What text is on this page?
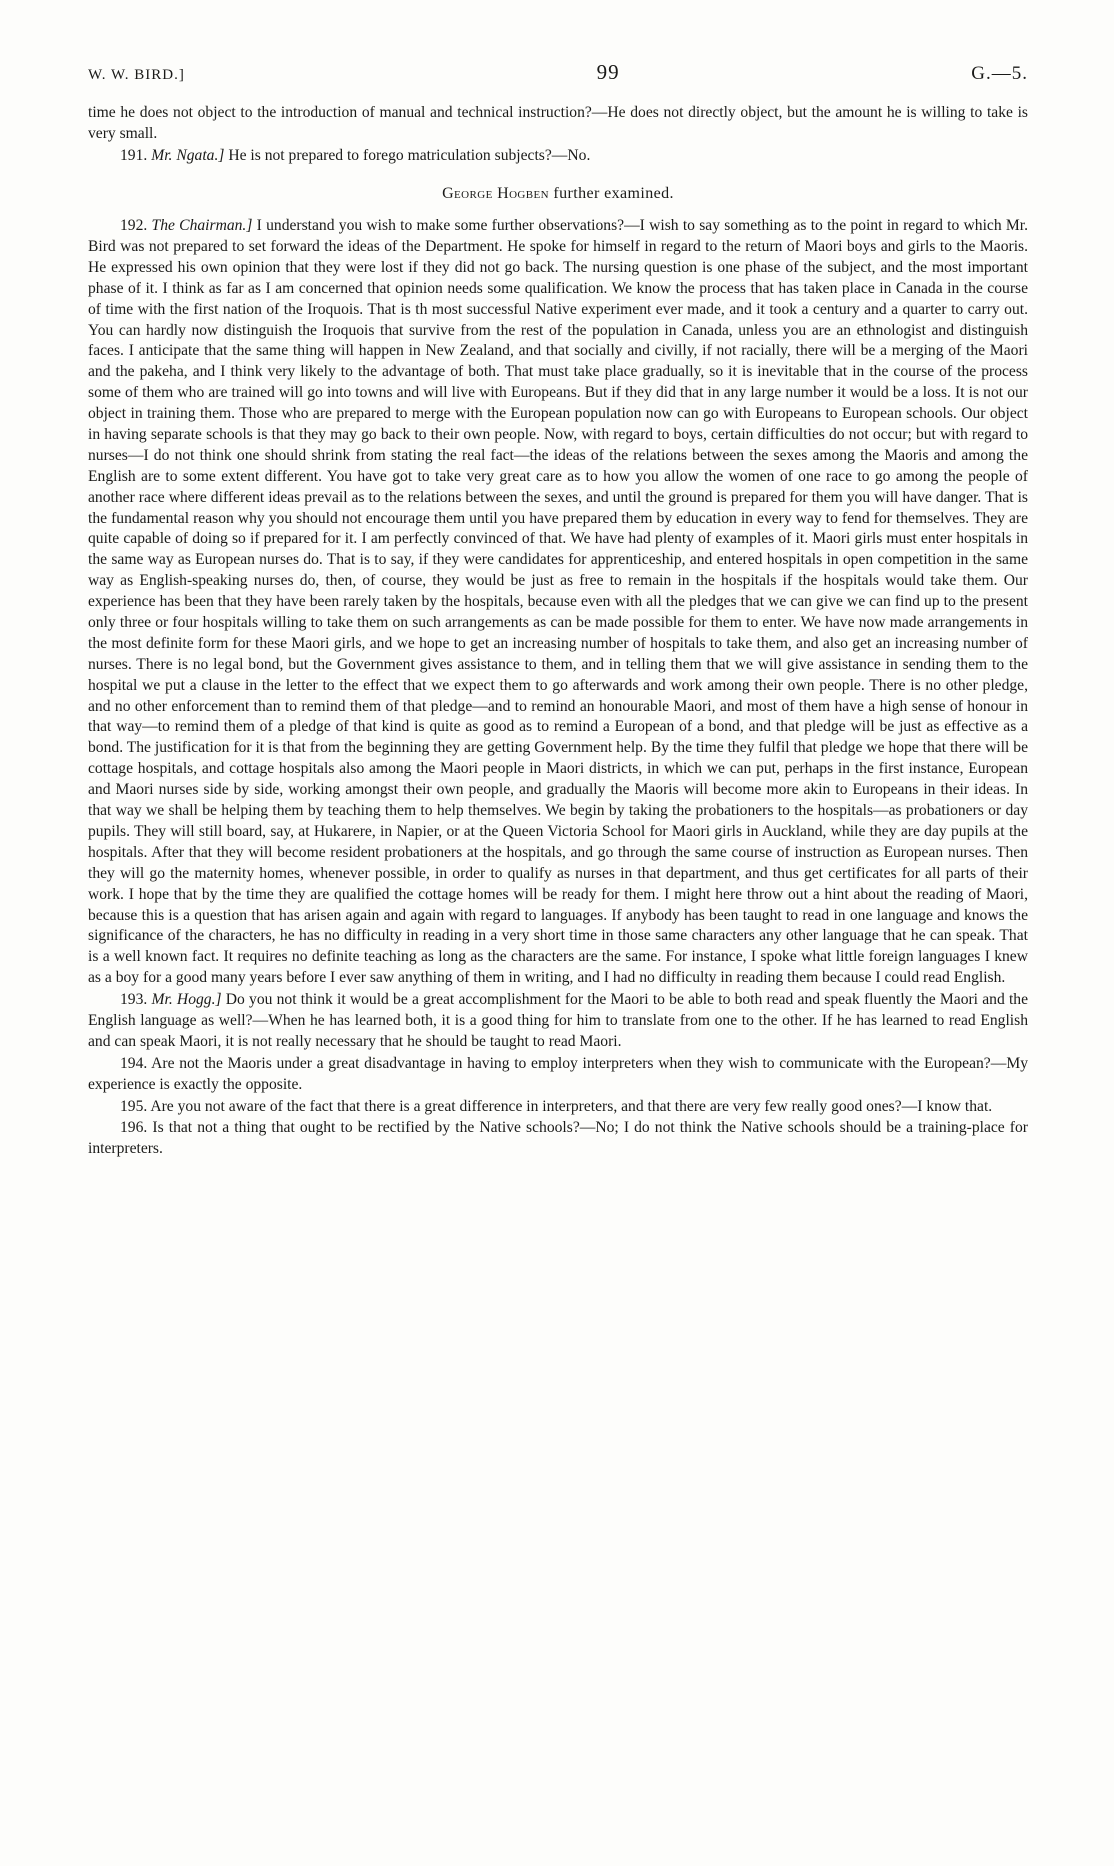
W. W. BIRD.]	99	G.—5.

time he does not object to the introduction of manual and technical instruction?—He does not directly object, but the amount he is willing to take is very small.

191. Mr. Ngata.] He is not prepared to forego matriculation subjects?—No.

George Hogben further examined.

192. The Chairman.] I understand you wish to make some further observations?—I wish to say something as to the point in regard to which Mr. Bird was not prepared to set forward the ideas of the Department. He spoke for himself in regard to the return of Maori boys and girls to the Maoris. He expressed his own opinion that they were lost if they did not go back. The nursing question is one phase of the subject, and the most important phase of it. I think as far as I am concerned that opinion needs some qualification. We know the process that has taken place in Canada in the course of time with the first nation of the Iroquois. That is th most successful Native experiment ever made, and it took a century and a quarter to carry out. You can hardly now distinguish the Iroquois that survive from the rest of the population in Canada, unless you are an ethnologist and distinguish faces. I anticipate that the same thing will happen in New Zealand, and that socially and civilly, if not racially, there will be a merging of the Maori and the pakeha, and I think very likely to the advantage of both. That must take place gradually, so it is inevitable that in the course of the process some of them who are trained will go into towns and will live with Europeans. But if they did that in any large number it would be a loss. It is not our object in training them. Those who are prepared to merge with the European population now can go with Europeans to European schools. Our object in having separate schools is that they may go back to their own people. Now, with regard to boys, certain difficulties do not occur; but with regard to nurses—I do not think one should shrink from stating the real fact—the ideas of the relations between the sexes among the Maoris and among the English are to some extent different. You have got to take very great care as to how you allow the women of one race to go among the people of another race where different ideas prevail as to the relations between the sexes, and until the ground is prepared for them you will have danger. That is the fundamental reason why you should not encourage them until you have prepared them by education in every way to fend for themselves. They are quite capable of doing so if prepared for it. I am perfectly convinced of that. We have had plenty of examples of it. Maori girls must enter hospitals in the same way as European nurses do. That is to say, if they were candidates for apprenticeship, and entered hospitals in open competition in the same way as English-speaking nurses do, then, of course, they would be just as free to remain in the hospitals if the hospitals would take them. Our experience has been that they have been rarely taken by the hospitals, because even with all the pledges that we can give we can find up to the present only three or four hospitals willing to take them on such arrangements as can be made possible for them to enter. We have now made arrangements in the most definite form for these Maori girls, and we hope to get an increasing number of hospitals to take them, and also get an increasing number of nurses. There is no legal bond, but the Government gives assistance to them, and in telling them that we will give assistance in sending them to the hospital we put a clause in the letter to the effect that we expect them to go afterwards and work among their own people. There is no other pledge, and no other enforcement than to remind them of that pledge—and to remind an honourable Maori, and most of them have a high sense of honour in that way—to remind them of a pledge of that kind is quite as good as to remind a European of a bond, and that pledge will be just as effective as a bond. The justification for it is that from the beginning they are getting Government help. By the time they fulfil that pledge we hope that there will be cottage hospitals, and cottage hospitals also among the Maori people in Maori districts, in which we can put, perhaps in the first instance, European and Maori nurses side by side, working amongst their own people, and gradually the Maoris will become more akin to Europeans in their ideas. In that way we shall be helping them by teaching them to help themselves. We begin by taking the probationers to the hospitals—as probationers or day pupils. They will still board, say, at Hukarere, in Napier, or at the Queen Victoria School for Maori girls in Auckland, while they are day pupils at the hospitals. After that they will become resident probationers at the hospitals, and go through the same course of instruction as European nurses. Then they will go the maternity homes, whenever possible, in order to qualify as nurses in that department, and thus get certificates for all parts of their work. I hope that by the time they are qualified the cottage homes will be ready for them. I might here throw out a hint about the reading of Maori, because this is a question that has arisen again and again with regard to languages. If anybody has been taught to read in one language and knows the significance of the characters, he has no difficulty in reading in a very short time in those same characters any other language that he can speak. That is a well known fact. It requires no definite teaching as long as the characters are the same. For instance, I spoke what little foreign languages I knew as a boy for a good many years before I ever saw anything of them in writing, and I had no difficulty in reading them because I could read English.

193. Mr. Hogg.] Do you not think it would be a great accomplishment for the Maori to be able to both read and speak fluently the Maori and the English language as well?—When he has learned both, it is a good thing for him to translate from one to the other. If he has learned to read English and can speak Maori, it is not really necessary that he should be taught to read Maori.

194. Are not the Maoris under a great disadvantage in having to employ interpreters when they wish to communicate with the European?—My experience is exactly the opposite.

195. Are you not aware of the fact that there is a great difference in interpreters, and that there are very few really good ones?—I know that.

196. Is that not a thing that ought to be rectified by the Native schools?—No; I do not think the Native schools should be a training-place for interpreters.
